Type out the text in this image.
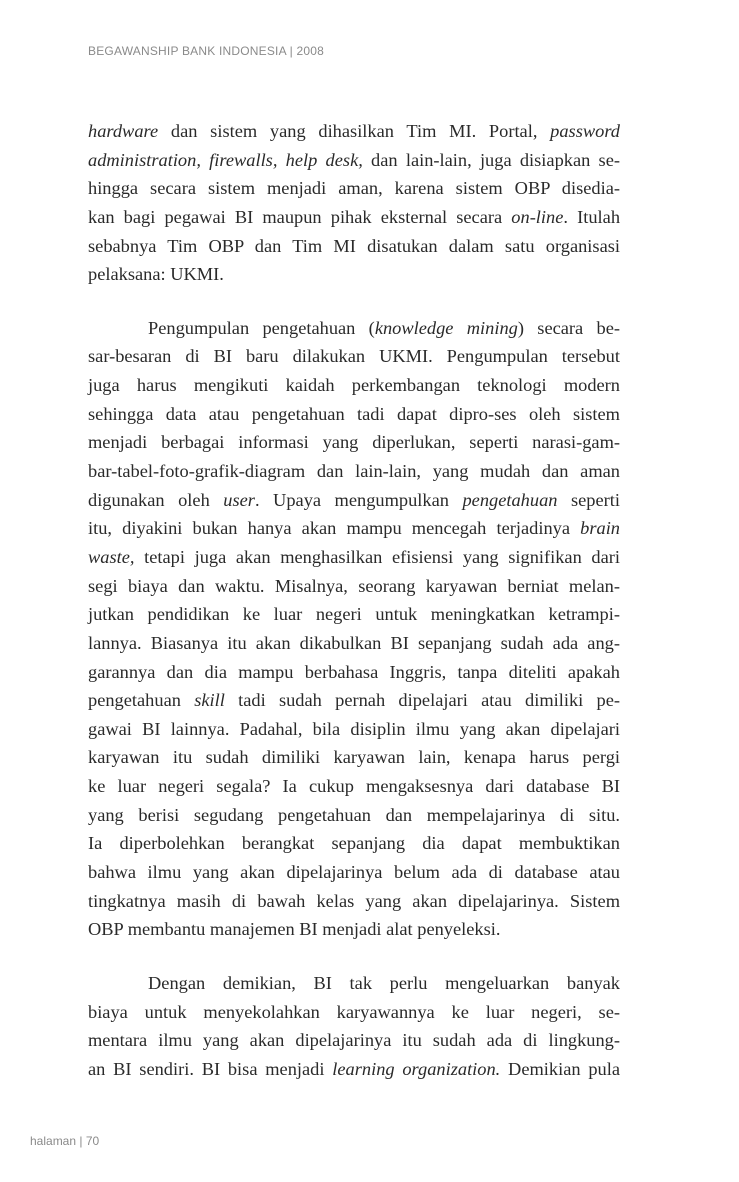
BEGAWANSHIP BANK INDONESIA | 2008
hardware dan sistem yang dihasilkan Tim MI. Portal, password
administration, firewalls, help desk, dan lain-lain, juga disiapkan se-
hingga secara sistem menjadi aman, karena sistem OBP disedia-
kan bagi pegawai BI maupun pihak eksternal secara on-line. Itulah
sebabnya Tim OBP dan Tim MI disatukan dalam satu organisasi
pelaksana: UKMI.
Pengumpulan pengetahuan (knowledge mining) secara be-
sar-besaran di BI baru dilakukan UKMI. Pengumpulan tersebut
juga harus mengikuti kaidah perkembangan teknologi modern
sehingga data atau pengetahuan tadi dapat dipro-ses oleh sistem
menjadi berbagai informasi yang diperlukan, seperti narasi-gam-
bar-tabel-foto-grafik-diagram dan lain-lain, yang mudah dan aman
digunakan oleh user. Upaya mengumpulkan pengetahuan seperti
itu, diyakini bukan hanya akan mampu mencegah terjadinya brain
waste, tetapi juga akan menghasilkan efisiensi yang signifikan dari
segi biaya dan waktu. Misalnya, seorang karyawan berniat melan-
jutkan pendidikan ke luar negeri untuk meningkatkan ketrampi-
lannya. Biasanya itu akan dikabulkan BI sepanjang sudah ada ang-
garannya dan dia mampu berbahasa Inggris, tanpa diteliti apakah
pengetahuan skill tadi sudah pernah dipelajari atau dimiliki pe-
gawai BI lainnya. Padahal, bila disiplin ilmu yang akan dipelajari
karyawan itu sudah dimiliki karyawan lain, kenapa harus pergi
ke luar negeri segala? Ia cukup mengaksesnya dari database BI
yang berisi segudang pengetahuan dan mempelajarinya di situ.
Ia diperbolehkan berangkat sepanjang dia dapat membuktikan
bahwa ilmu yang akan dipelajarinya belum ada di database atau
tingkatnya masih di bawah kelas yang akan dipelajarinya. Sistem
OBP membantu manajemen BI menjadi alat penyeleksi.
Dengan demikian, BI tak perlu mengeluarkan banyak
biaya untuk menyekolahkan karyawannya ke luar negeri, se-
mentara ilmu yang akan dipelajarinya itu sudah ada di lingkung-
an BI sendiri. BI bisa menjadi learning organization. Demikian pula
halaman | 70
